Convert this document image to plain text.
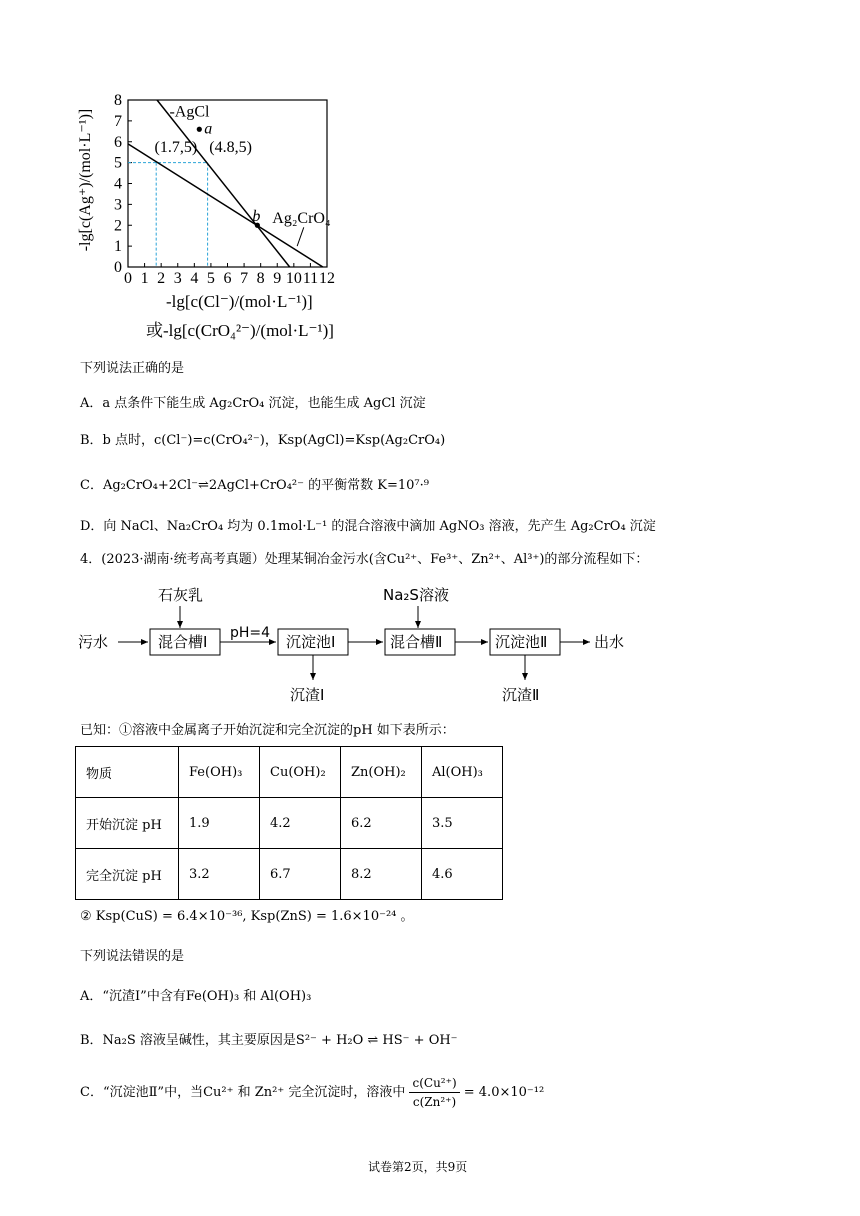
0 1 2 3 4 5 6 7 8 9 10 11 12
0
1
2
3
4
5
6
7
8
-AgCl
a
(1.7,5) (4.8,5)
b Ag₂CrO₄
-lg[c(Ag⁺)/(mol·L⁻¹)]
-lg[c(Cl⁻)/(mol·L⁻¹)]
或-lg[c(CrO₄²⁻)/(mol·L⁻¹)]
下列说法正确的是
A．a 点条件下能生成 Ag₂CrO₄ 沉淀，也能生成 AgCl 沉淀
B．b 点时，c(Cl⁻)=c(CrO₄²⁻)，Ksp(AgCl)=Ksp(Ag₂CrO₄)
C．Ag₂CrO₄+2Cl⁻⇌2AgCl+CrO₄²⁻ 的平衡常数 K=10⁷·⁹
D．向 NaCl、Na₂CrO₄ 均为 0.1mol·L⁻¹ 的混合溶液中滴加 AgNO₃ 溶液，先产生 Ag₂CrO₄ 沉淀
4．(2023·湖南·统考高考真题）处理某铜冶金污水(含Cu²⁺、Fe³⁺、Zn²⁺、Al³⁺)的部分流程如下：
污水
石灰乳
混合槽Ⅰ pH=4 沉淀池Ⅰ
沉渣Ⅰ
Na₂S溶液
混合槽Ⅱ	沉淀池Ⅱ
沉渣Ⅱ
出水
已知：①溶液中金属离子开始沉淀和完全沉淀的pH 如下表所示：
物质	Fe(OH)₃	Cu(OH)₂	Zn(OH)₂	Al(OH)₃
开始沉淀 pH	1.9	4.2	6.2	3.5
完全沉淀 pH	3.2	6.7	8.2	4.6
② Ksp(CuS) = 6.4×10⁻³⁶, Ksp(ZnS) = 1.6×10⁻²⁴ 。
下列说法错误的是
A．“沉渣Ⅰ”中含有Fe(OH)₃ 和 Al(OH)₃
B．Na₂S 溶液呈碱性，其主要原因是S²⁻ + H₂O ⇌ HS⁻ + OH⁻
C．“沉淀池Ⅱ”中，当Cu²⁺ 和 Zn²⁺ 完全沉淀时，溶液中 $\frac{\text{c(Cu²⁺)}}{\text{c(Zn²⁺)}} = 4.0\times 10^{-12}$
试卷第2页，共9页
